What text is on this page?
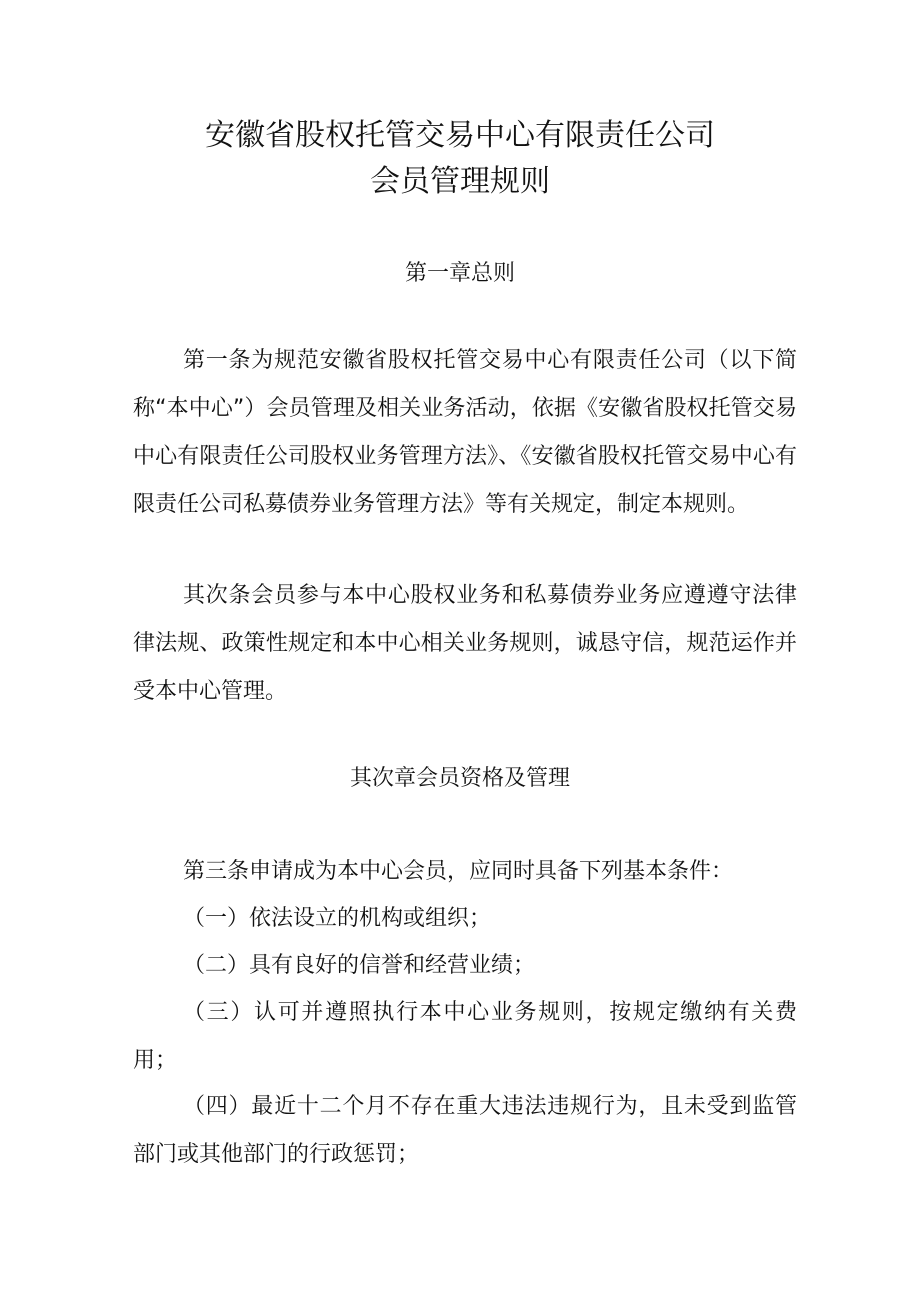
安徽省股权托管交易中心有限责任公司
会员管理规则
第一章总则

第一条为规范安徽省股权托管交易中心有限责任公司（以下简称“本中心”）会员管理及相关业务活动，依据《安徽省股权托管交易中心有限责任公司股权业务管理方法》、《安徽省股权托管交易中心有限责任公司私募债券业务管理方法》等有关规定，制定本规则。

其次条会员参与本中心股权业务和私募债券业务应遵遵守法律律法规、政策性规定和本中心相关业务规则，诚恳守信，规范运作并受本中心管理。

其次章会员资格及管理

第三条申请成为本中心会员，应同时具备下列基本条件：

（一）依法设立的机构或组织；

（二）具有良好的信誉和经营业绩；

（三）认可并遵照执行本中心业务规则，按规定缴纳有关费用；

（四）最近十二个月不存在重大违法违规行为，且未受到监管部门或其他部门的行政惩罚；
